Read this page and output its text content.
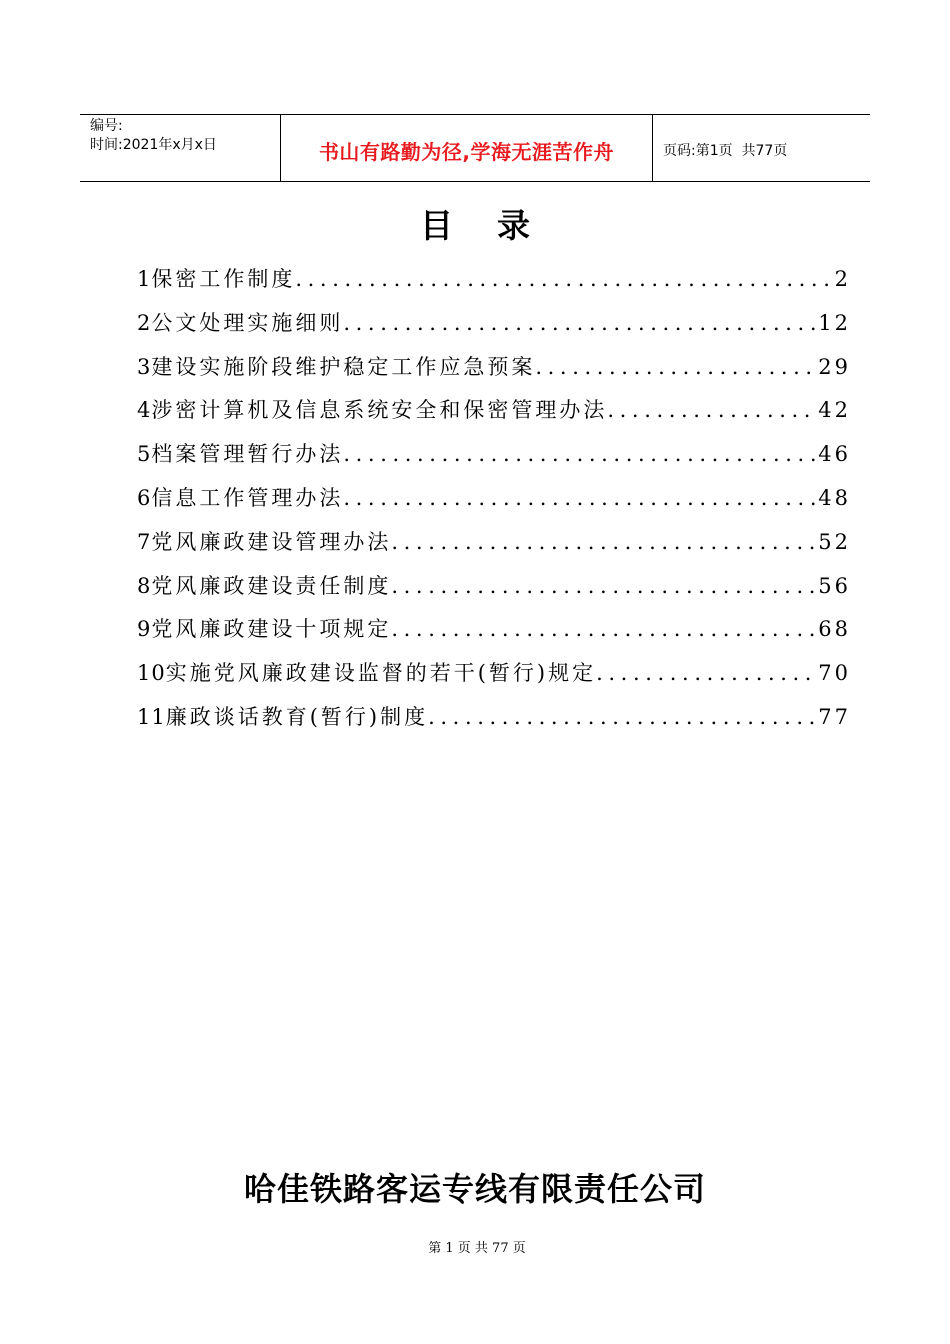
编号:
时间:2021年x月x日	书山有路勤为径,学海无涯苦作舟	页码:第1页  共77页
目录
1 保密工作制度 .....	2
2 公文处理实施细则 .....	12
3 建设实施阶段维护稳定工作应急预案 .....	29
4 涉密计算机及信息系统安全和保密管理办法 .....	42
5 档案管理暂行办法 .....	46
6 信息工作管理办法 .....	48
7 党风廉政建设管理办法 .....	52
8 党风廉政建设责任制度 .....	56
9 党风廉政建设十项规定 .....	68
10 实施党风廉政建设监督的若干(暂行)规定 .....	70
11 廉政谈话教育(暂行)制度 .....	77
哈佳铁路客运专线有限责任公司
第 1 页 共 77 页
